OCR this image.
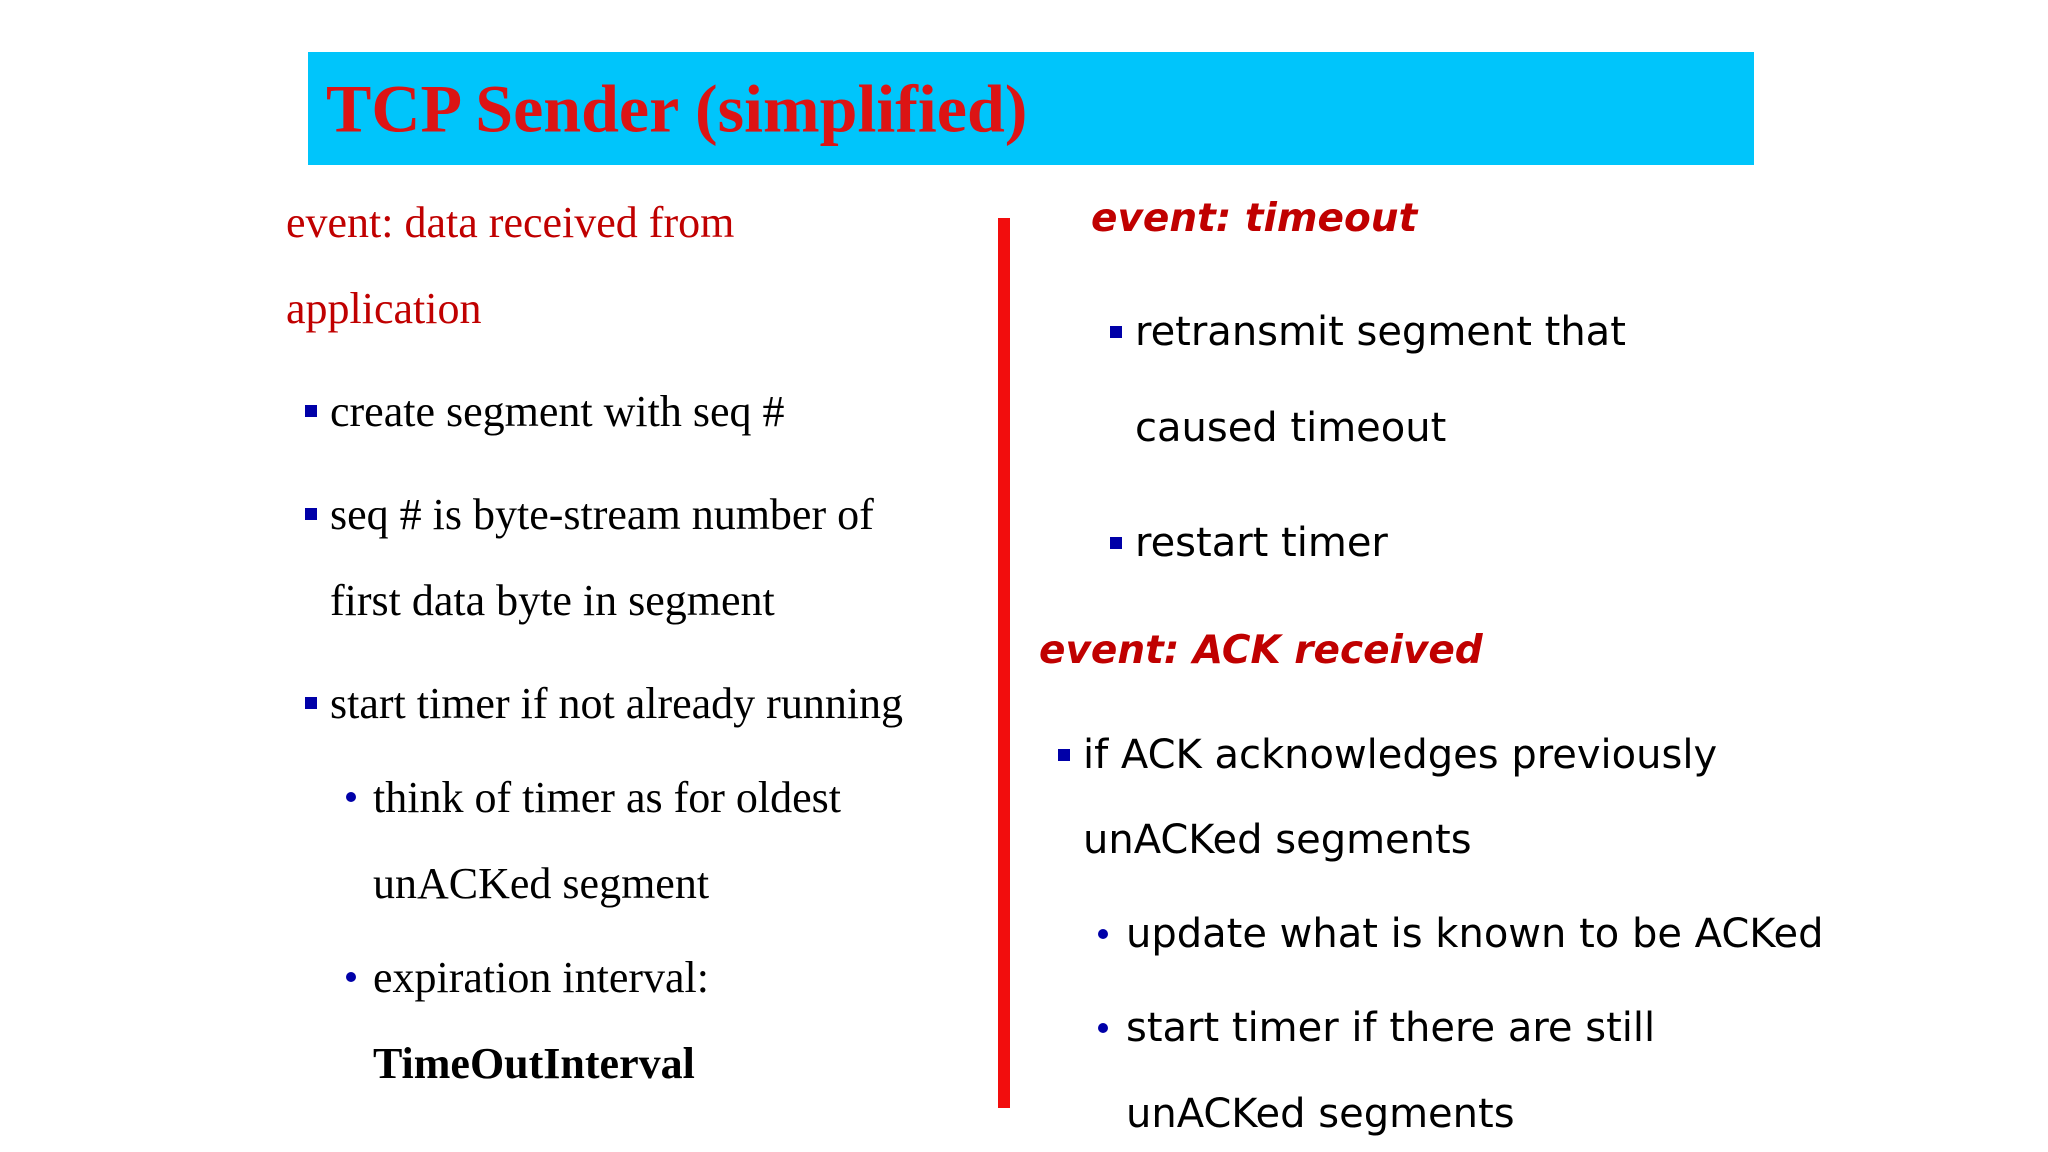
TCP Sender (simplified)
event: data received from
application
create segment with seq #
seq # is byte-stream number of
first data byte in segment
start timer if not already running
think of timer as for oldest
unACKed segment
expiration interval:
TimeOutInterval
event: timeout
retransmit segment that
caused timeout
restart timer
event: ACK received
if ACK acknowledges previously
unACKed segments
update what is known to be ACKed
start timer if there are still
unACKed segments
